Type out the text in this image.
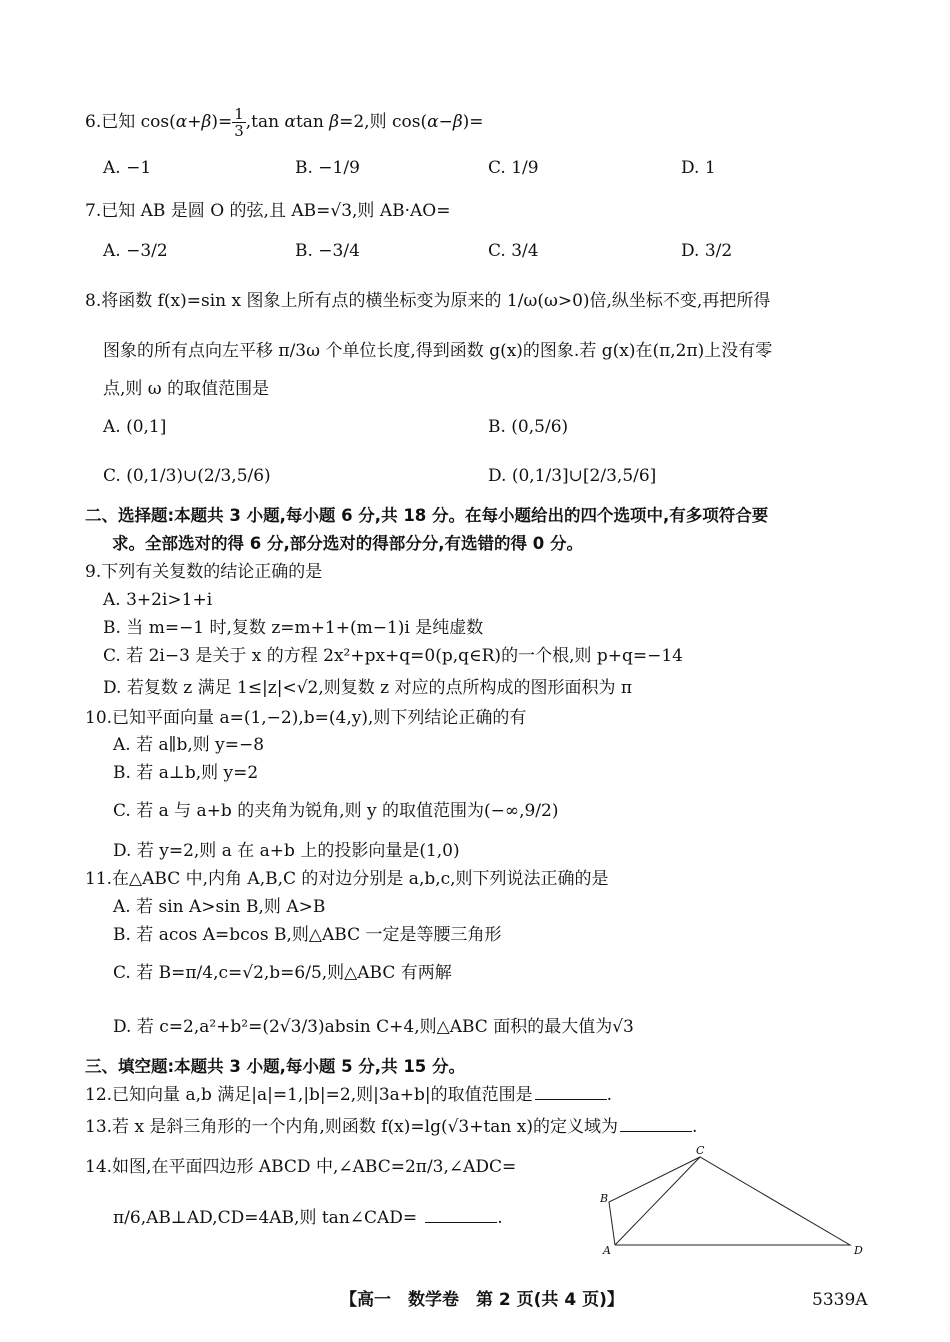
6.已知 $\cos(\alpha+\beta)= \frac{1}{3} ,\tan$ αtan β=2,则 cos(α−β)=
A. −1	B. −1/9	C. 1/9	D. 1
7.已知 AB 是圆 O 的弦,且 AB=√3,则 AB·AO=
A. −3/2	B. −3/4	C. 3/4	D. 3/2
8.将函数 f(x)=sin x 图象上所有点的横坐标变为原来的 1/ω(ω>0)倍,纵坐标不变,再把所得
图象的所有点向左平移 π/3ω 个单位长度,得到函数 g(x)的图象.若 g(x)在(π,2π)上没有零
点,则 ω 的取值范围是
A. (0,1]	B. (0,5/6)
C. (0,1/3)∪(2/3,5/6)	D. (0,1/3]∪[2/3,5/6]
二、选择题:本题共 3 小题,每小题 6 分,共 18 分。在每小题给出的四个选项中,有多项符合要
求。全部选对的得 6 分,部分选对的得部分分,有选错的得 0 分。
9.下列有关复数的结论正确的是
A. 3+2i>1+i
B. 当 m=−1 时,复数 z=m+1+(m−1)i 是纯虚数
C. 若 2i−3 是关于 x 的方程 2x²+px+q=0(p,q∈R)的一个根,则 p+q=−14
D. 若复数 z 满足 1≤|z|<√2,则复数 z 对应的点所构成的图形面积为 π
10.已知平面向量 a=(1,−2),b=(4,y),则下列结论正确的有
A. 若 a∥b,则 y=−8
B. 若 a⊥b,则 y=2
C. 若 a 与 a+b 的夹角为锐角,则 y 的取值范围为(−∞,9/2)
D. 若 y=2,则 a 在 a+b 上的投影向量是(1,0)
11.在△ABC 中,内角 A,B,C 的对边分别是 a,b,c,则下列说法正确的是
A. 若 sin A>sin B,则 A>B
B. 若 acos A=bcos B,则△ABC 一定是等腰三角形
C. 若 B=π/4,c=√2,b=6/5,则△ABC 有两解
D. 若 c=2,a²+b²=(2√3/3)absin C+4,则△ABC 面积的最大值为√3
三、填空题:本题共 3 小题,每小题 5 分,共 15 分。
12.已知向量 a,b 满足|a|=1,|b|=2,则|3a+b|的取值范围是	.
13.若 x 是斜三角形的一个内角,则函数 f(x)=lg(√3+tan x)的定义域为	.
14.如图,在平面四边形 ABCD 中,∠ABC=2π/3,∠ADC=
π/6,AB⊥AD,CD=4AB,则 tan∠CAD=	.
C
B
A	D
【高一　数学卷　第 2 页(共 4 页)】	5339A
